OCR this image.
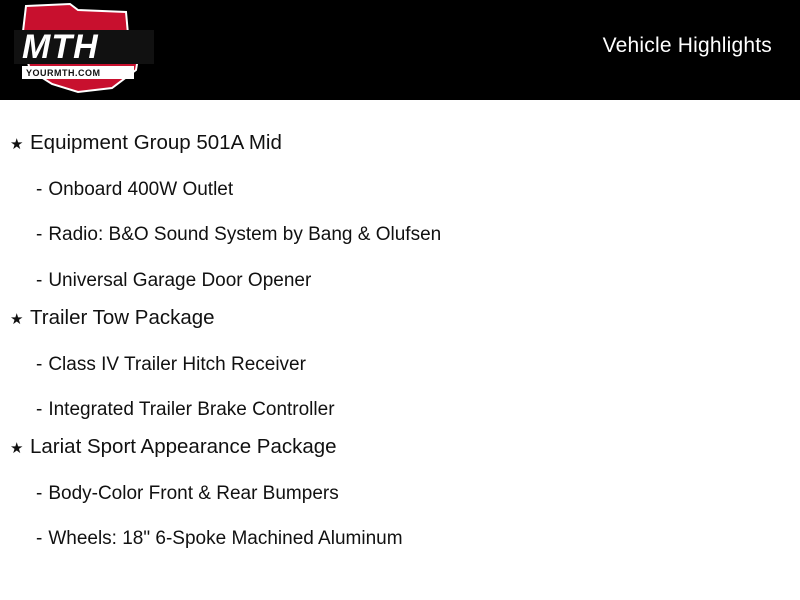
MTH
YOURMTH.COM
Vehicle Highlights
★ Equipment Group 501A Mid
- Onboard 400W Outlet
- Radio: B&O Sound System by Bang & Olufsen
- Universal Garage Door Opener
★ Trailer Tow Package
- Class IV Trailer Hitch Receiver
- Integrated Trailer Brake Controller
★ Lariat Sport Appearance Package
- Body-Color Front & Rear Bumpers
- Wheels: 18" 6-Spoke Machined Aluminum
